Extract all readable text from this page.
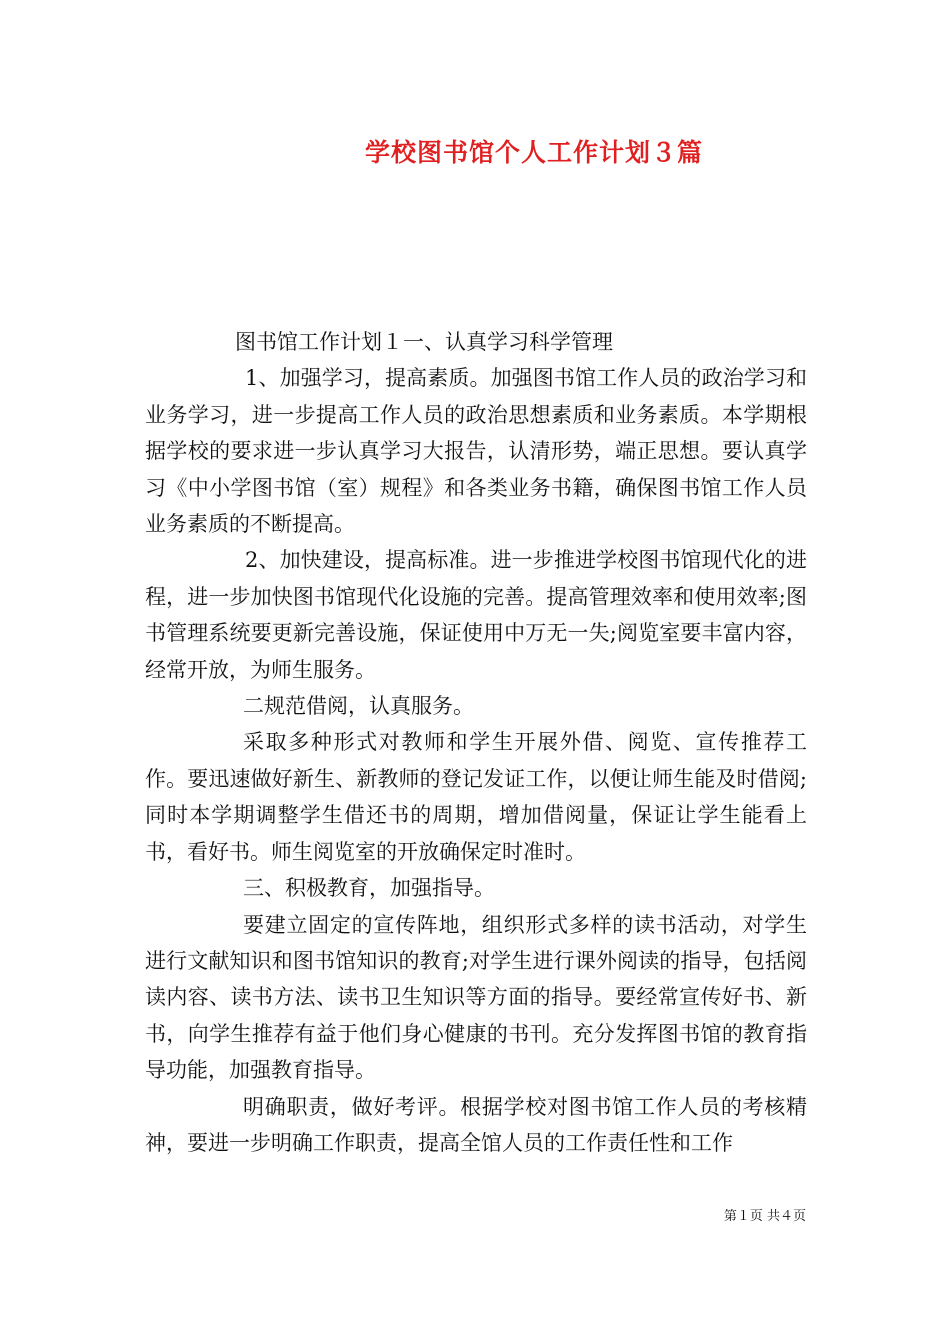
学校图书馆个人工作计划３篇

图书馆工作计划１一、认真学习科学管理

1、加强学习，提高素质。加强图书馆工作人员的政治学习和业务学习，进一步提高工作人员的政治思想素质和业务素质。本学期根据学校的要求进一步认真学习大报告，认清形势，端正思想。要认真学习《中小学图书馆（室）规程》和各类业务书籍，确保图书馆工作人员业务素质的不断提高。

2、加快建设，提高标准。进一步推进学校图书馆现代化的进程，进一步加快图书馆现代化设施的完善。提高管理效率和使用效率;图书管理系统要更新完善设施，保证使用中万无一失;阅览室要丰富内容，经常开放，为师生服务。

二规范借阅，认真服务。

采取多种形式对教师和学生开展外借、阅览、宣传推荐工作。要迅速做好新生、新教师的登记发证工作，以便让师生能及时借阅;同时本学期调整学生借还书的周期，增加借阅量，保证让学生能看上书，看好书。师生阅览室的开放确保定时准时。

三、积极教育，加强指导。

要建立固定的宣传阵地，组织形式多样的读书活动，对学生进行文献知识和图书馆知识的教育;对学生进行课外阅读的指导，包括阅读内容、读书方法、读书卫生知识等方面的指导。要经常宣传好书、新书，向学生推荐有益于他们身心健康的书刊。充分发挥图书馆的教育指导功能，加强教育指导。

明确职责，做好考评。根据学校对图书馆工作人员的考核精神，要进一步明确工作职责，提高全馆人员的工作责任性和工作

第１页 共４页
